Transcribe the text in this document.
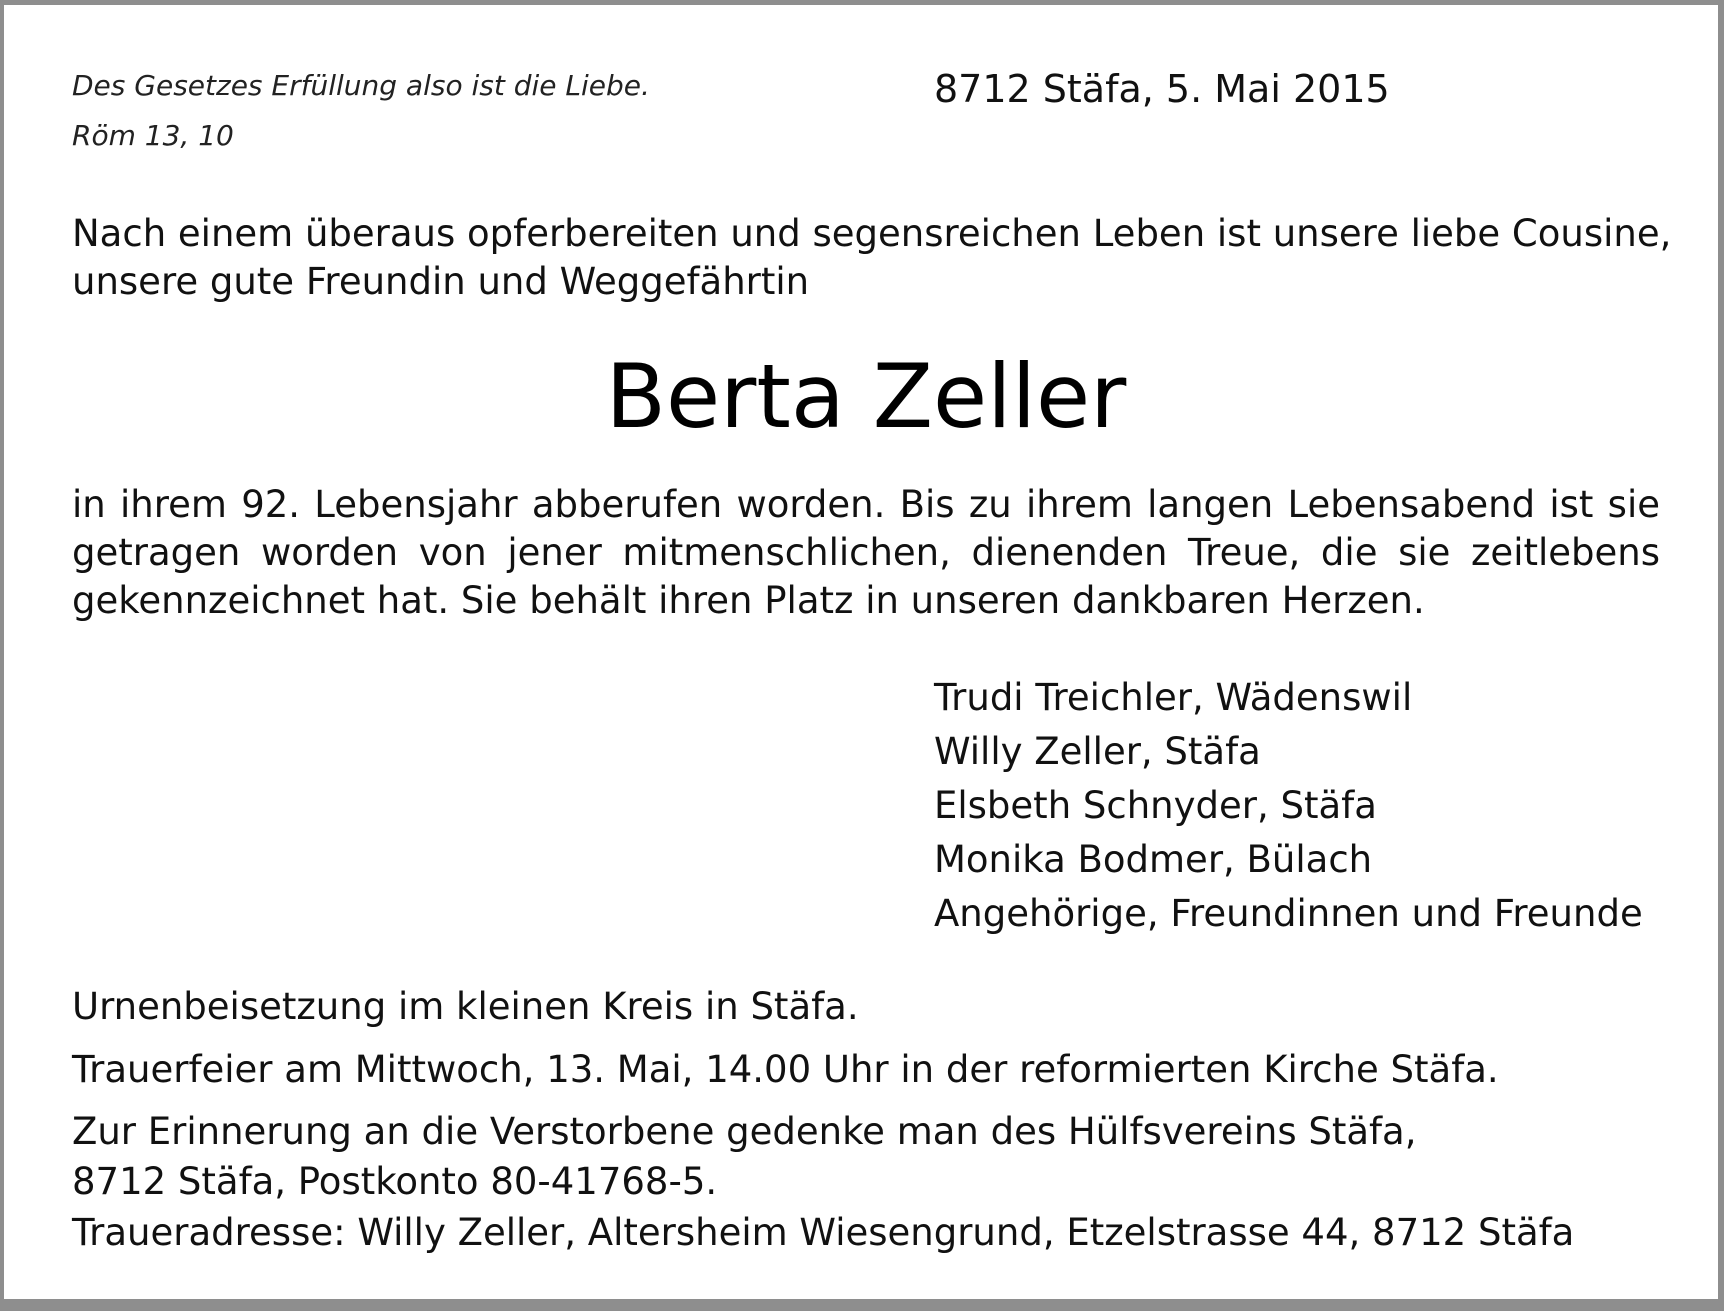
Des Gesetzes Erfüllung also ist die Liebe.

Röm 13, 10

8712 Stäfa, 5. Mai 2015

Nach einem überaus opferbereiten und segensreichen Leben ist unsere liebe Cousine,
unsere gute Freundin und Weggefährtin

Berta Zeller

in ihrem 92. Lebensjahr abberufen worden. Bis zu ihrem langen Lebensabend ist sie
getragen worden von jener mitmenschlichen, dienenden Treue, die sie zeitlebens
gekennzeichnet hat. Sie behält ihren Platz in unseren dankbaren Herzen.

Trudi Treichler, Wädenswil
Willy Zeller, Stäfa
Elsbeth Schnyder, Stäfa
Monika Bodmer, Bülach
Angehörige, Freundinnen und Freunde

Urnenbeisetzung im kleinen Kreis in Stäfa.

Trauerfeier am Mittwoch, 13. Mai, 14.00 Uhr in der reformierten Kirche Stäfa.

Zur Erinnerung an die Verstorbene gedenke man des Hülfsvereins Stäfa,
8712 Stäfa, Postkonto 80-41768-5.

Traueradresse: Willy Zeller, Altersheim Wiesengrund, Etzelstrasse 44, 8712 Stäfa
